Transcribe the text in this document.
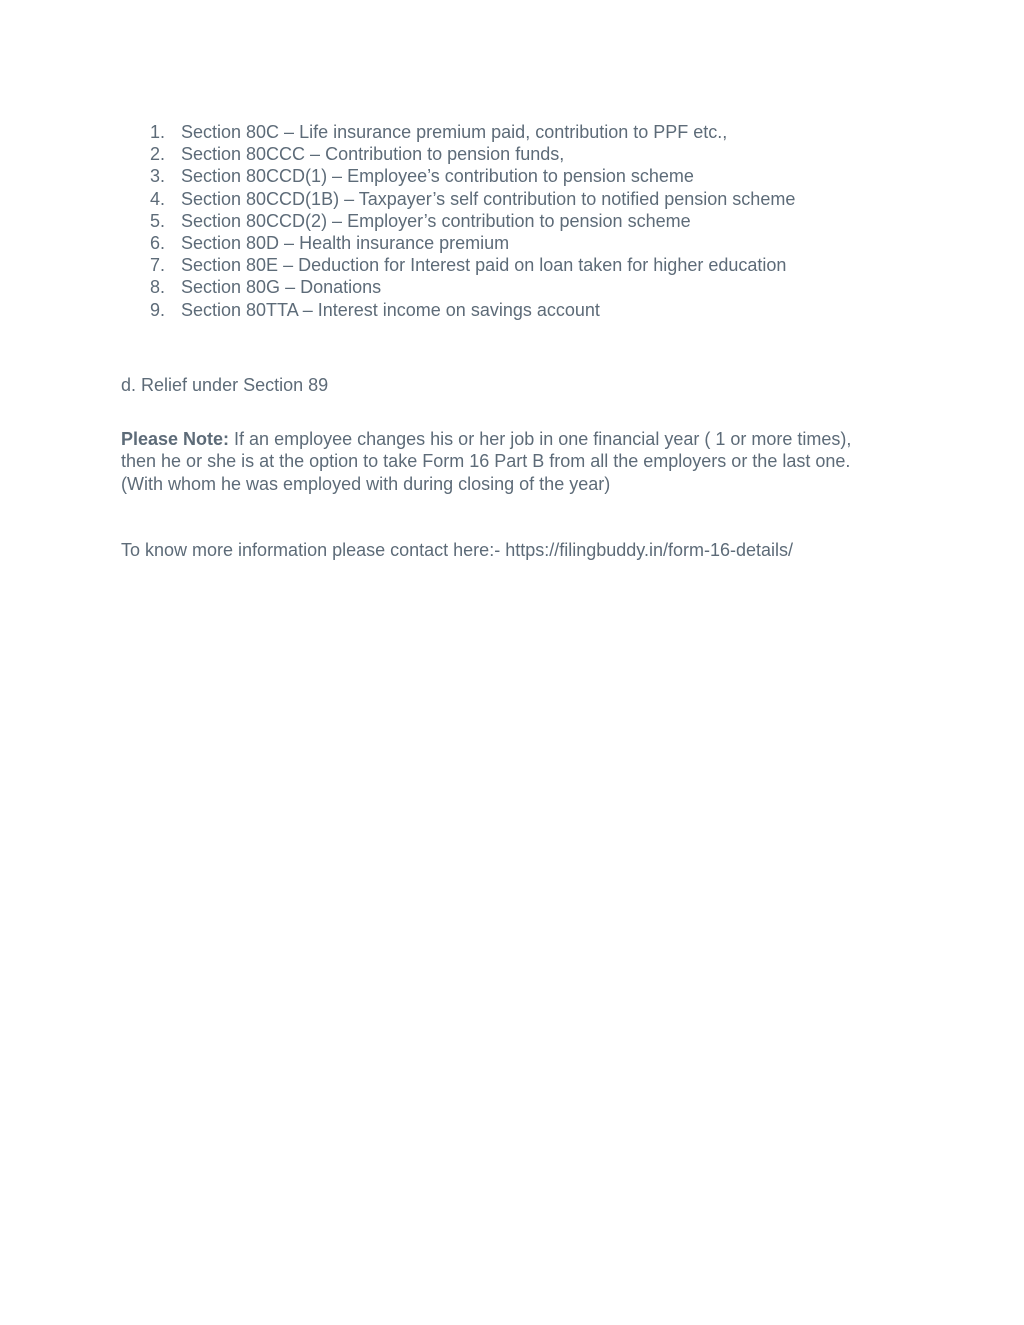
1. Section 80C – Life insurance premium paid, contribution to PPF etc.,
2. Section 80CCC – Contribution to pension funds,
3. Section 80CCD(1) – Employee’s contribution to pension scheme
4. Section 80CCD(1B) – Taxpayer’s self contribution to notified pension scheme
5. Section 80CCD(2) – Employer’s contribution to pension scheme
6. Section 80D – Health insurance premium
7. Section 80E – Deduction for Interest paid on loan taken for higher education
8. Section 80G – Donations
9. Section 80TTA – Interest income on savings account

d. Relief under Section 89

Please Note: If an employee changes his or her job in one financial year ( 1 or more times),
then he or she is at the option to take Form 16 Part B from all the employers or the last one.
(With whom he was employed with during closing of the year)

To know more information please contact here:- https://filingbuddy.in/form-16-details/
